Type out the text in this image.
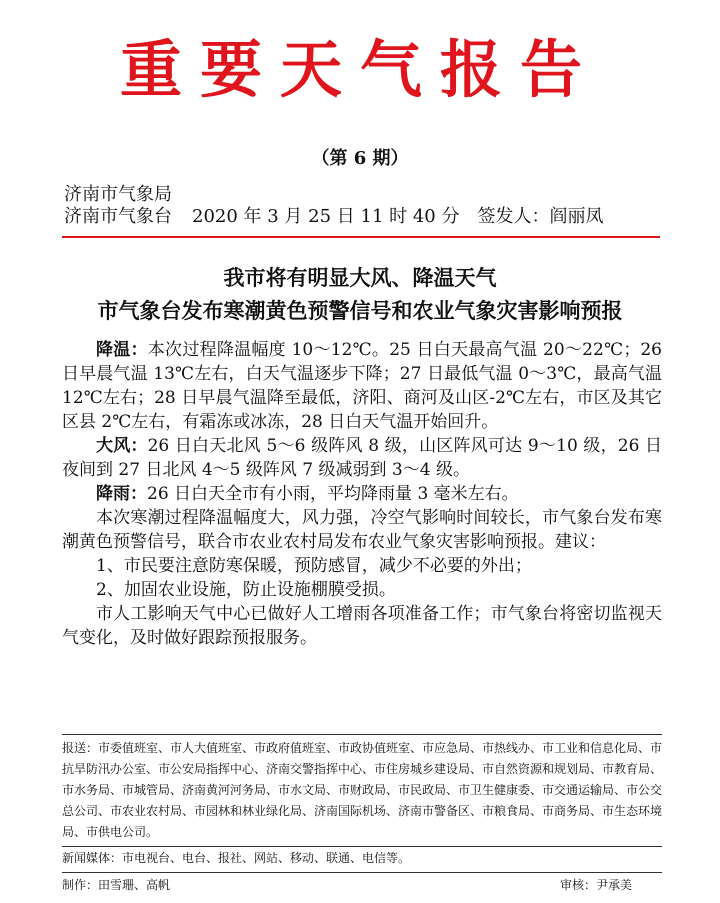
重要天气报告
（第 6 期）
济南市气象局
济南市气象台 2020 年 3 月 25 日 11 时 40 分 签发人：阎丽凤
我市将有明显大风、降温天气
市气象台发布寒潮黄色预警信号和农业气象灾害影响预报

降温：本次过程降温幅度 10～12℃。25 日白天最高气温 20～22℃；26 日早晨气温 13℃左右，白天气温逐步下降；27 日最低气温 0～3℃，最高气温 12℃左右；28 日早晨气温降至最低，济阳、商河及山区-2℃左右，市区及其它区县 2℃左右，有霜冻或冰冻，28 日白天气温开始回升。

大风：26 日白天北风 5～6 级阵风 8 级，山区阵风可达 9～10 级，26 日夜间到 27 日北风 4～5 级阵风 7 级减弱到 3～4 级。

降雨：26 日白天全市有小雨，平均降雨量 3 毫米左右。

本次寒潮过程降温幅度大，风力强，冷空气影响时间较长，市气象台发布寒潮黄色预警信号，联合市农业农村局发布农业气象灾害影响预报。建议：

1、市民要注意防寒保暖，预防感冒，减少不必要的外出；

2、加固农业设施，防止设施棚膜受损。

市人工影响天气中心已做好人工增雨各项准备工作；市气象台将密切监视天气变化，及时做好跟踪预报服务。

报送：市委值班室、市人大值班室、市政府值班室、市政协值班室、市应急局、市热线办、市工业和信息化局、市抗旱防汛办公室、市公安局指挥中心、济南交警指挥中心、市住房城乡建设局、市自然资源和规划局、市教育局、市水务局、市城管局、济南黄河河务局、市水文局、市财政局、市民政局、市卫生健康委、市交通运输局、市公交总公司、市农业农村局、市园林和林业绿化局、济南国际机场、济南市警备区、市粮食局、市商务局、市生态环境局、市供电公司。
新闻媒体：市电视台、电台、报社、网站、移动、联通、电信等。
制作：田雪珊、高帆	审核：尹承美
